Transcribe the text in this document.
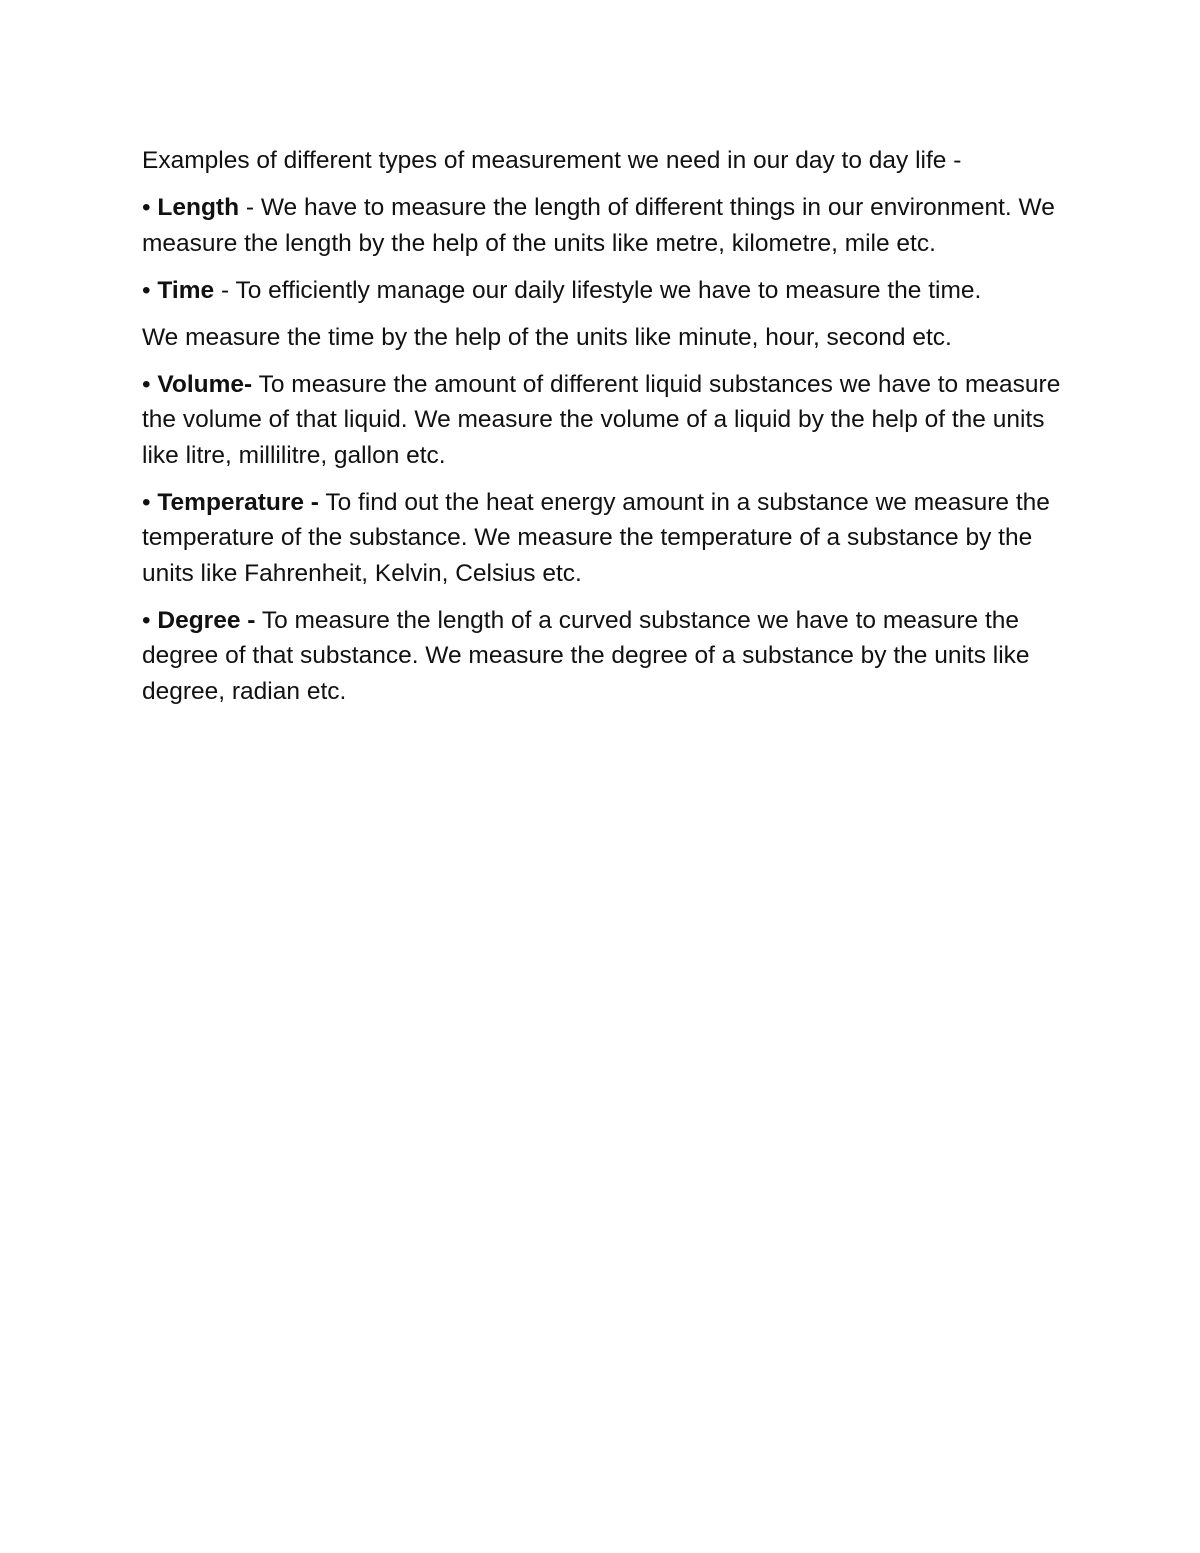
Examples of different types of measurement we need in our day to day life -

• Length - We have to measure the length of different things in our environment. We measure the length by the help of the units like metre, kilometre, mile etc.

• Time - To efficiently manage our daily lifestyle we have to measure the time.

We measure the time by the help of the units like minute, hour, second etc.

• Volume- To measure the amount of different liquid substances we have to measure the volume of that liquid. We measure the volume of a liquid by the help of the units like litre, millilitre, gallon etc.

• Temperature - To find out the heat energy amount in a substance we measure the temperature of the substance. We measure the temperature of a substance by the units like Fahrenheit, Kelvin, Celsius etc.

• Degree - To measure the length of a curved substance we have to measure the degree of that substance. We measure the degree of a substance by the units like degree, radian etc.
